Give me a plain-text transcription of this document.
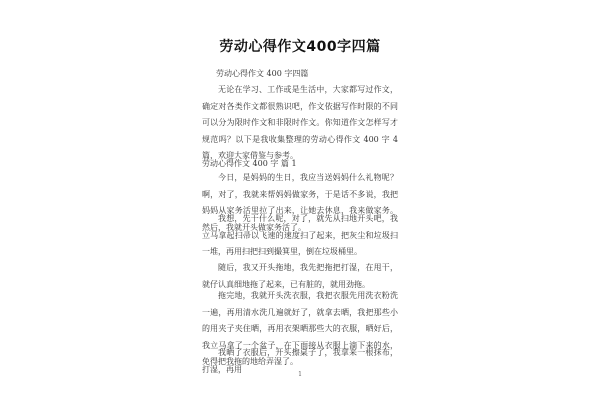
劳动心得作文400字四篇
劳动心得作文 400 字四篇

无论在学习、工作或是生活中，大家都写过作文，确定对各类作文都很熟识吧，作文依据写作时限的不同可以分为限时作文和非限时作文。你知道作文怎样写才规范吗？以下是我收集整理的劳动心得作文 400 字 4 篇，欢迎大家借鉴与参考。

劳动心得作文 400 字 篇 1

今日，是妈妈的生日，我应当送妈妈什么礼物呢？啊，对了，我就来帮妈妈做家务，于是话不多说，我把妈妈从家务活里拉了出来，让她去休息，我来做家务。然后，我就开头做家务活了。

我想，先干什么呢，对了，就先从扫地开头吧，我立马拿起扫帚以飞速的速度扫了起来，把灰尘和垃圾扫一堆，再用扫把扫到撮箕里，倒在垃圾桶里。

随后，我又开头拖地，我先把拖把打湿，在甩干，就仔认真细地拖了起来，已有脏的，就用劲拖。

拖完地，我就开头洗衣服，我把衣服先用洗衣粉洗一遍，再用清水洗几遍就好了，就拿去晒，我把那些小的用夹子夹住晒，再用衣架晒那些大的衣服，晒好后，我立马拿了一个盆子，在下面接从衣服上滴下来的水，免得把我拖的地给弄湿了。

我晒了衣服后，开头擦桌子了，我拿来一根抹布，打湿，再用

1
